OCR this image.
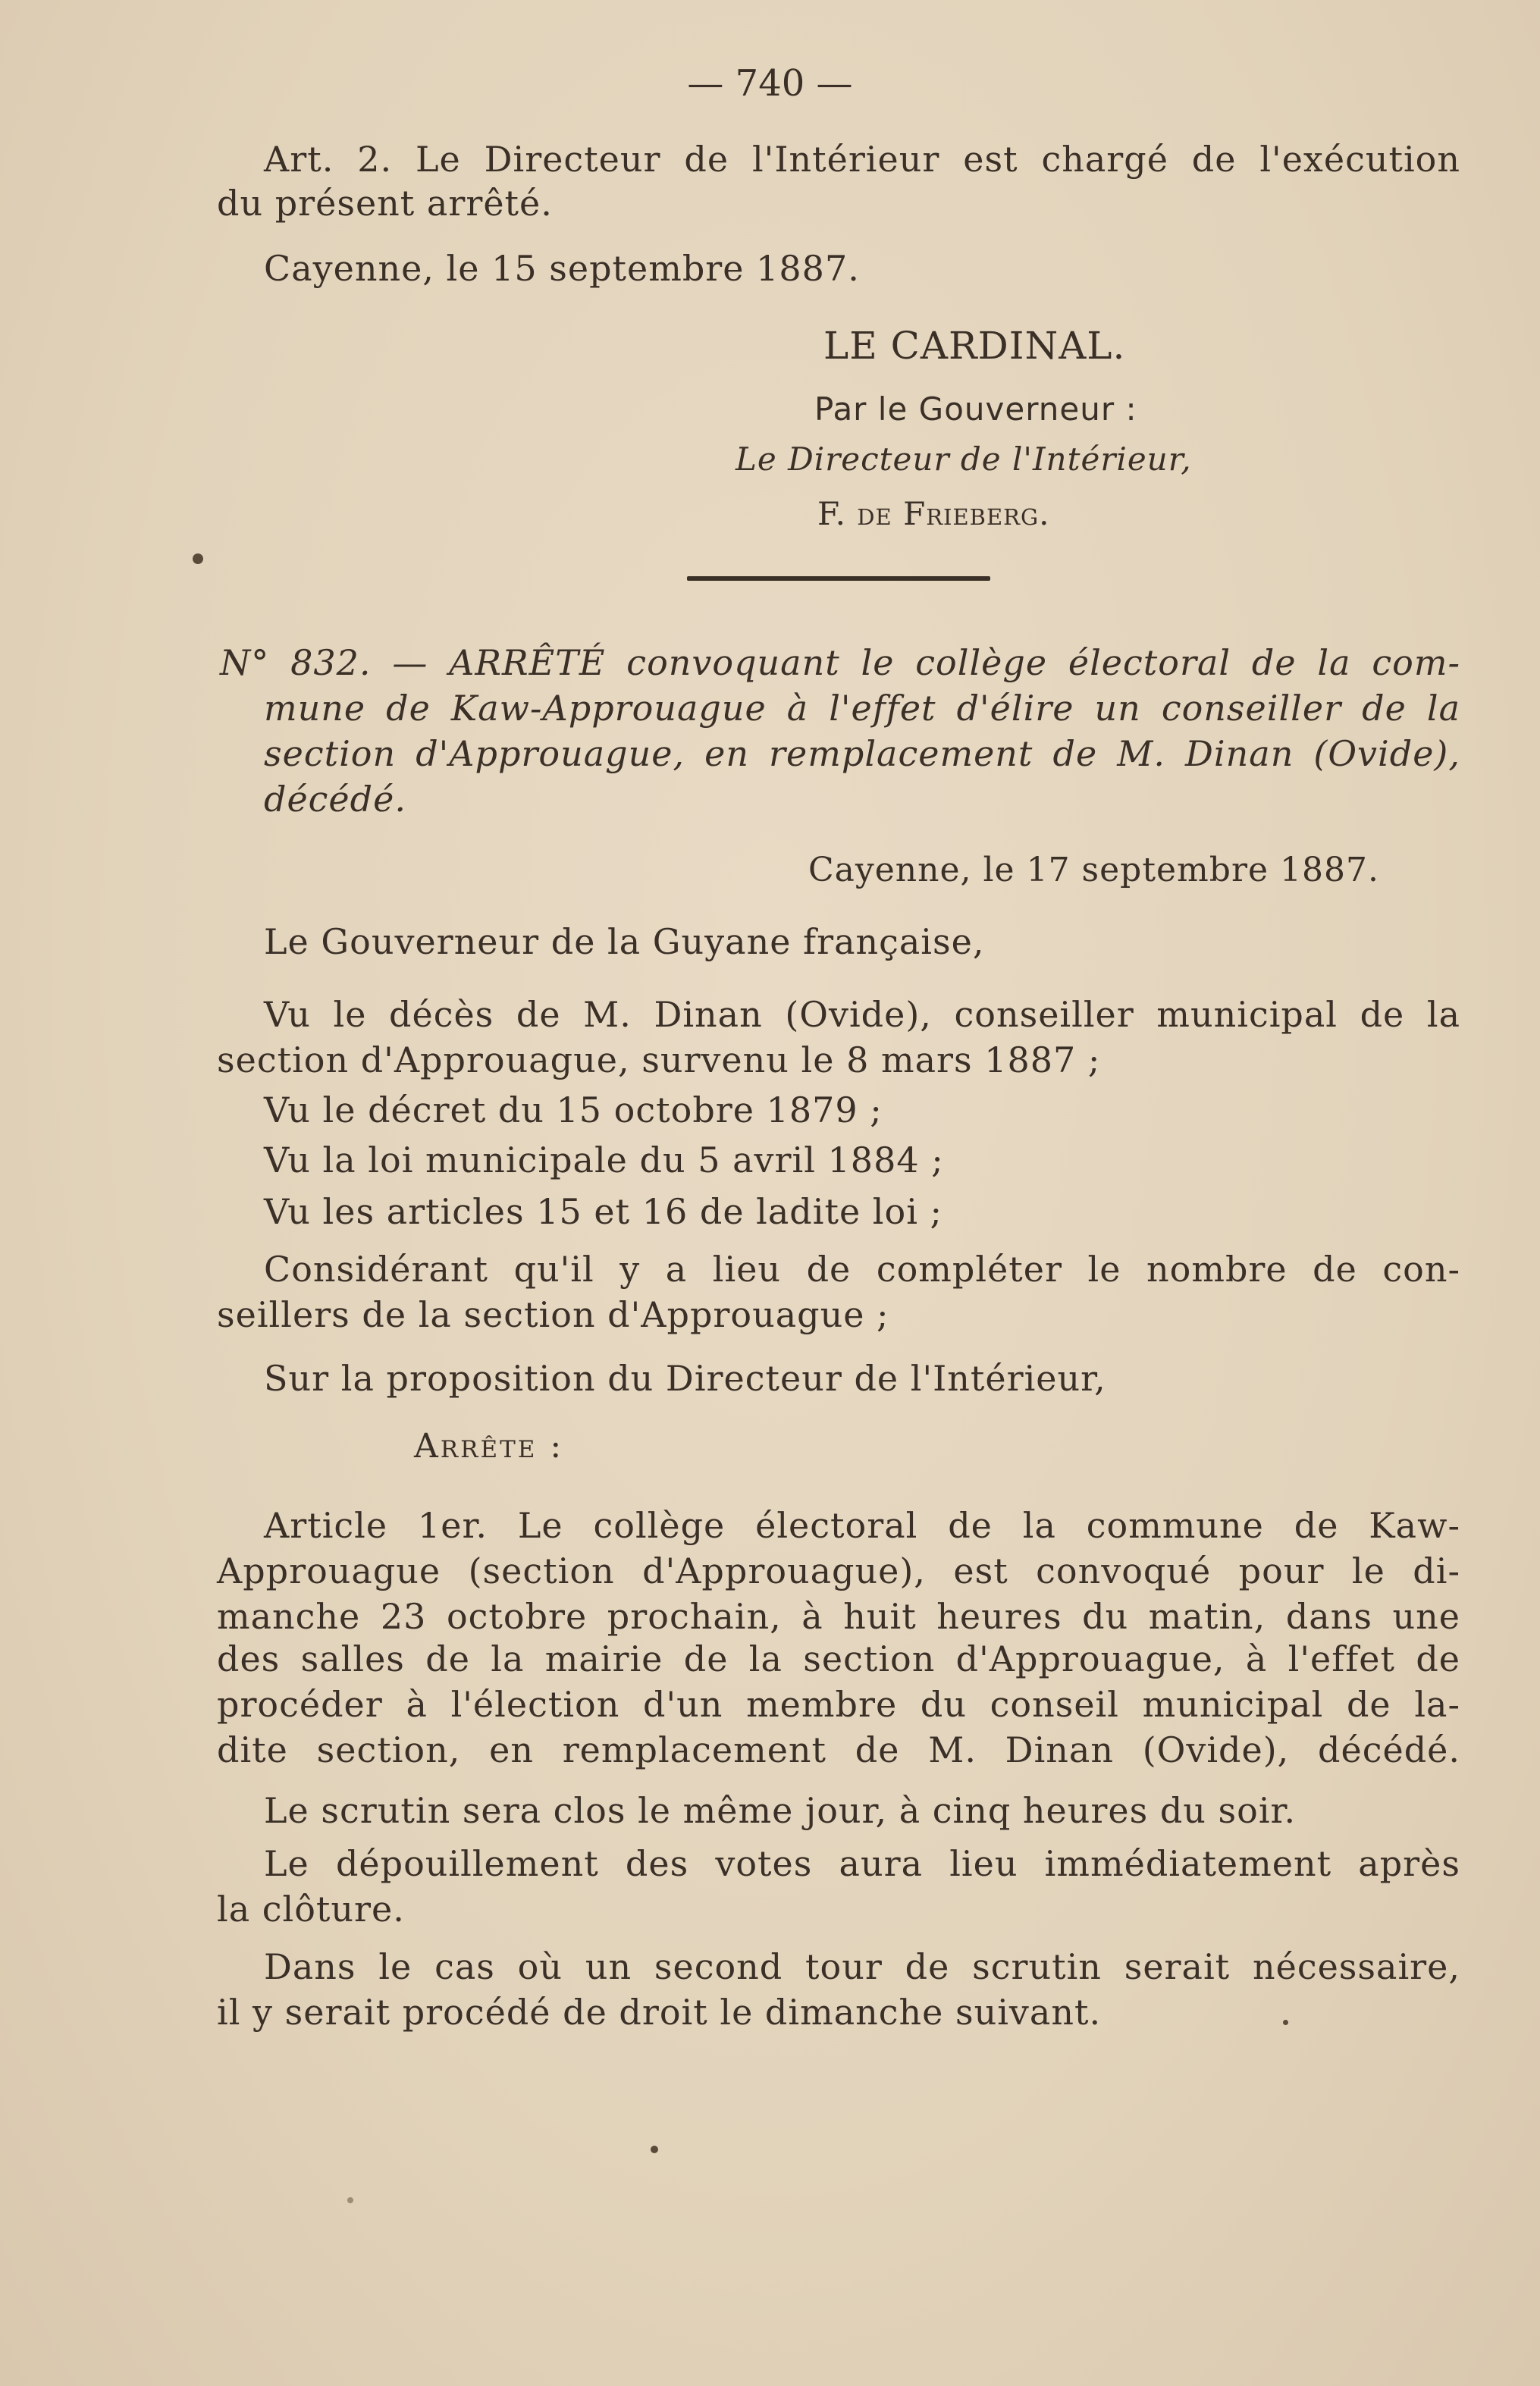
— 740 —
Art. 2. Le Directeur de l'Intérieur est chargé de l'exécution
du présent arrêté.
Cayenne, le 15 septembre 1887.
LE CARDINAL.
Par le Gouverneur :
Le Directeur de l'Intérieur,
F. de Frieberg.
N° 832. — ARRÊTÉ convoquant le collège électoral de la com-
mune de Kaw-Approuague à l'effet d'élire un conseiller de la
section d'Approuague, en remplacement de M. Dinan (Ovide),
décédé.
Cayenne, le 17 septembre 1887.
Le Gouverneur de la Guyane française,
Vu le décès de M. Dinan (Ovide), conseiller municipal de la
section d'Approuague, survenu le 8 mars 1887 ;
Vu le décret du 15 octobre 1879 ;
Vu la loi municipale du 5 avril 1884 ;
Vu les articles 15 et 16 de ladite loi ;
Considérant qu'il y a lieu de compléter le nombre de con-
seillers de la section d'Approuague ;
Sur la proposition du Directeur de l'Intérieur,
Arrête :
Article 1er. Le collège électoral de la commune de Kaw-
Approuague (section d'Approuague), est convoqué pour le di-
manche 23 octobre prochain, à huit heures du matin, dans une
des salles de la mairie de la section d'Approuague, à l'effet de
procéder à l'élection d'un membre du conseil municipal de la-
dite section, en remplacement de M. Dinan (Ovide), décédé.
Le scrutin sera clos le même jour, à cinq heures du soir.
Le dépouillement des votes aura lieu immédiatement après
la clôture.
Dans le cas où un second tour de scrutin serait nécessaire,
il y serait procédé de droit le dimanche suivant.
